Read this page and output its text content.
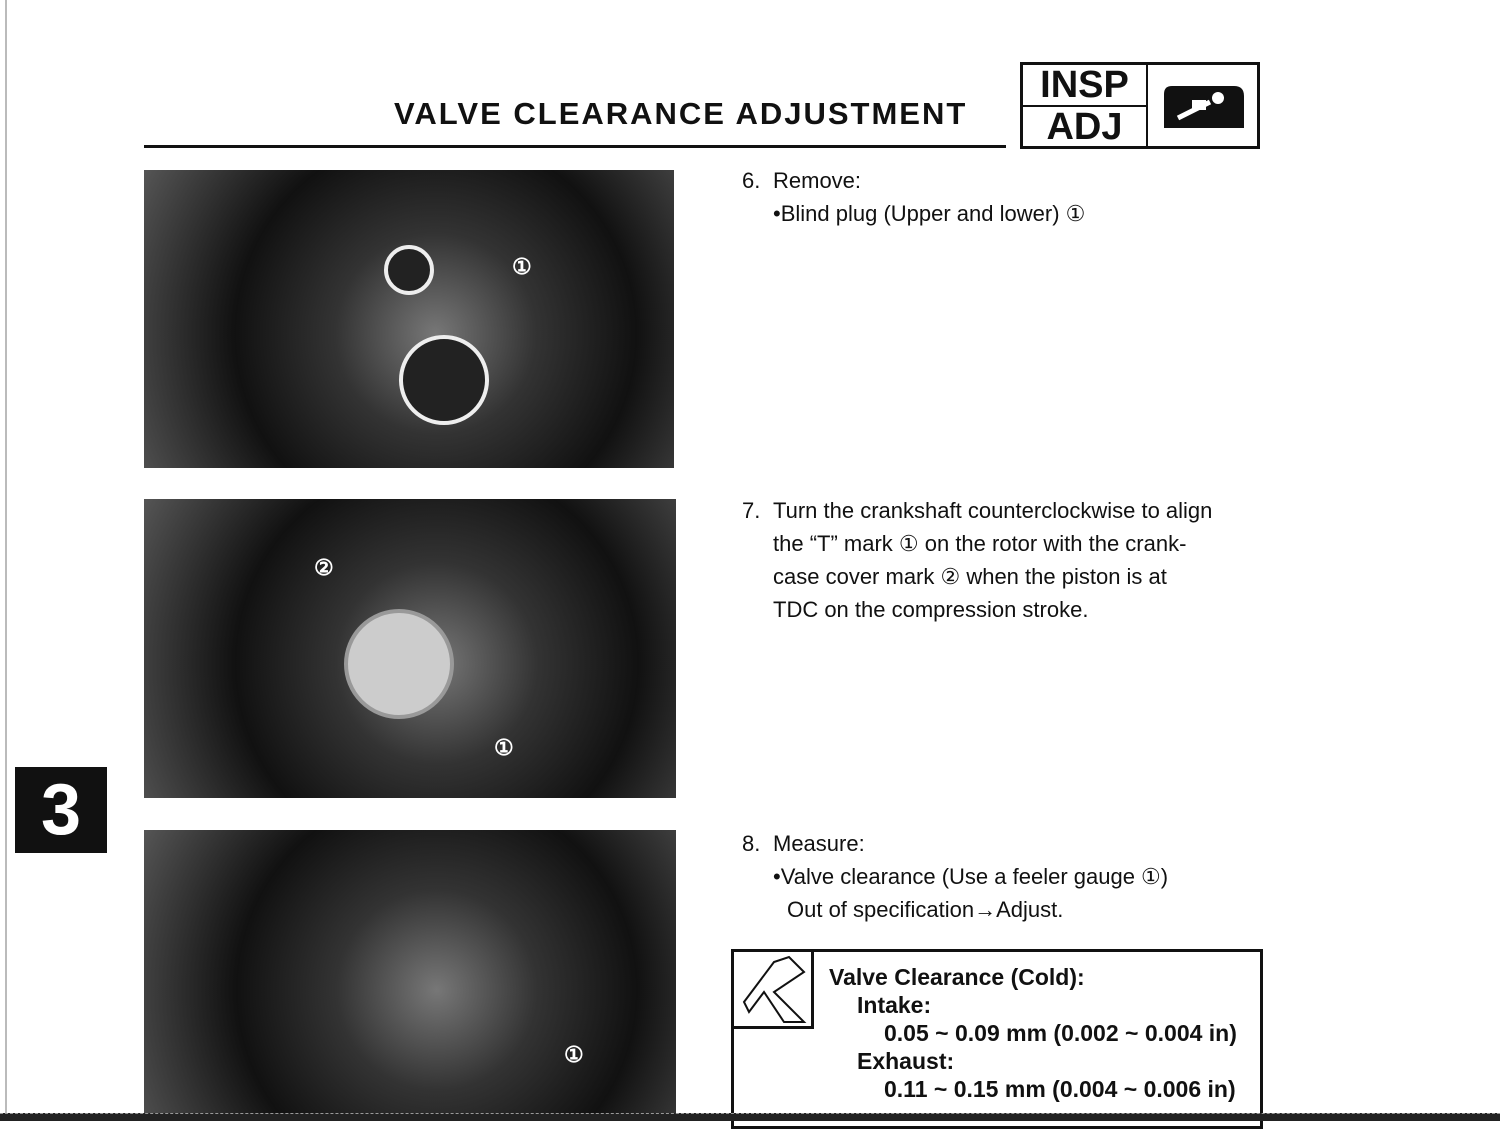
VALVE CLEARANCE ADJUSTMENT
INSP
ADJ
①
②
①
①
6. Remove:
•Blind plug (Upper and lower) ①
7. Turn the crankshaft counterclockwise to align
the “T” mark ① on the rotor with the crank-
case cover mark ② when the piston is at
TDC on the compression stroke.
8. Measure:
•Valve clearance (Use a feeler gauge ①)
Out of specification→Adjust.
Valve Clearance (Cold):
Intake:
0.05 ~ 0.09 mm (0.002 ~ 0.004 in)
Exhaust:
0.11 ~ 0.15 mm (0.004 ~ 0.006 in)
3
